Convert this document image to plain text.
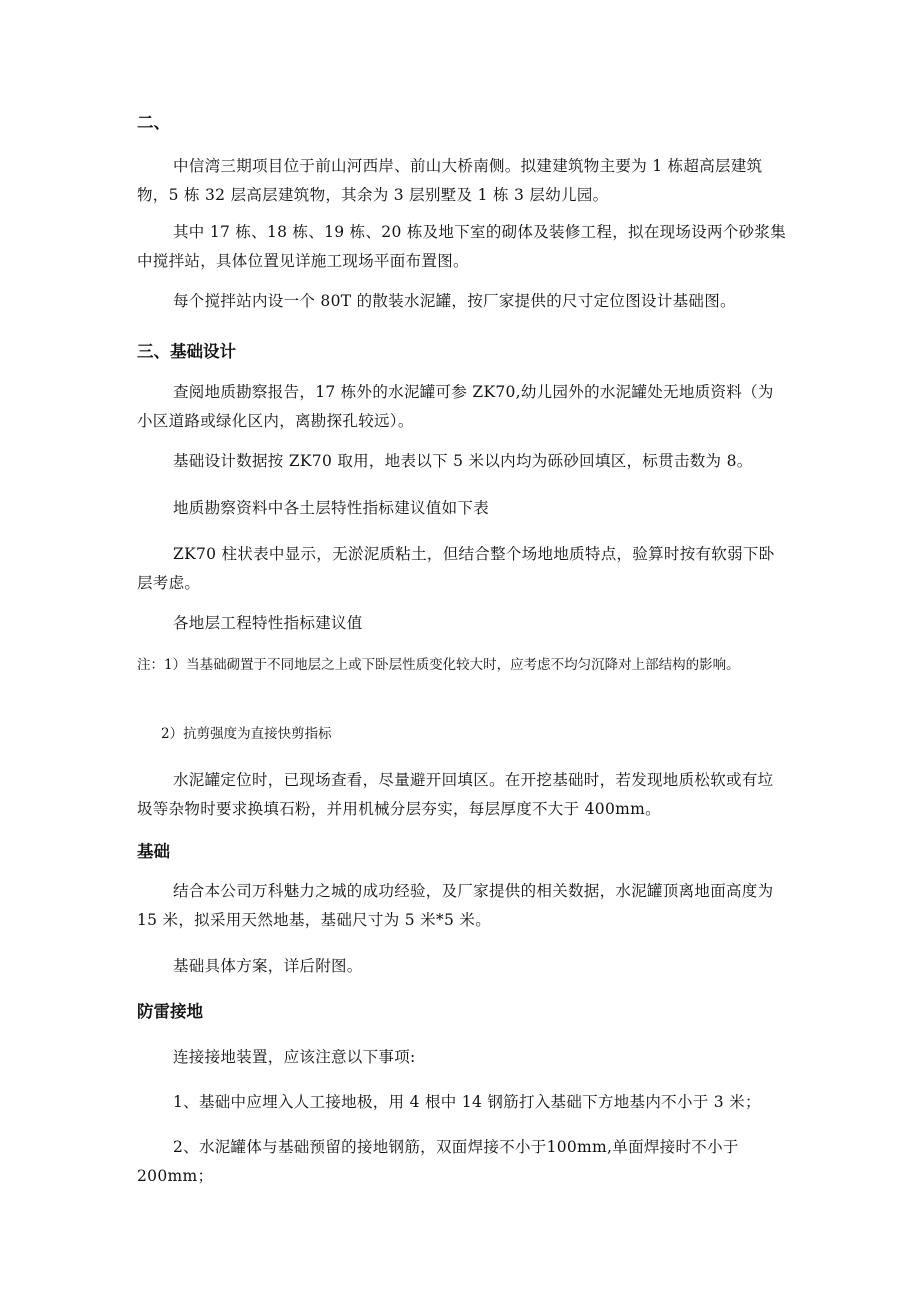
二、

中信湾三期项目位于前山河西岸、前山大桥南侧。拟建建筑物主要为 1 栋超高层建筑物，5 栋 32 层高层建筑物，其余为 3 层别墅及 1 栋 3 层幼儿园。

其中 17 栋、18 栋、19 栋、20 栋及地下室的砌体及装修工程，拟在现场设两个砂浆集中搅拌站，具体位置见详施工现场平面布置图。

每个搅拌站内设一个 80T 的散装水泥罐，按厂家提供的尺寸定位图设计基础图。

三、基础设计

查阅地质勘察报告，17 栋外的水泥罐可参 ZK70,幼儿园外的水泥罐处无地质资料（为小区道路或绿化区内，离勘探孔较远）。

基础设计数据按 ZK70 取用，地表以下 5 米以内均为砾砂回填区，标贯击数为 8。

地质勘察资料中各土层特性指标建议值如下表

ZK70 柱状表中显示，无淤泥质粘土，但结合整个场地地质特点，验算时按有软弱下卧层考虑。

各地层工程特性指标建议值

注：1）当基础砌置于不同地层之上或下卧层性质变化较大时，应考虑不均匀沉降对上部结构的影响。

2）抗剪强度为直接快剪指标

水泥罐定位时，已现场查看，尽量避开回填区。在开挖基础时，若发现地质松软或有垃圾等杂物时要求换填石粉，并用机械分层夯实，每层厚度不大于 400mm。

基础

结合本公司万科魅力之城的成功经验，及厂家提供的相关数据，水泥罐顶离地面高度为 15 米，拟采用天然地基，基础尺寸为 5 米*5 米。

基础具体方案，详后附图。

防雷接地

连接接地装置，应该注意以下事项:

1、基础中应埋入人工接地极，用 4 根中 14 钢筋打入基础下方地基内不小于 3 米；

2、水泥罐体与基础预留的接地钢筋，双面焊接不小于100mm,单面焊接时不小于200mm；
